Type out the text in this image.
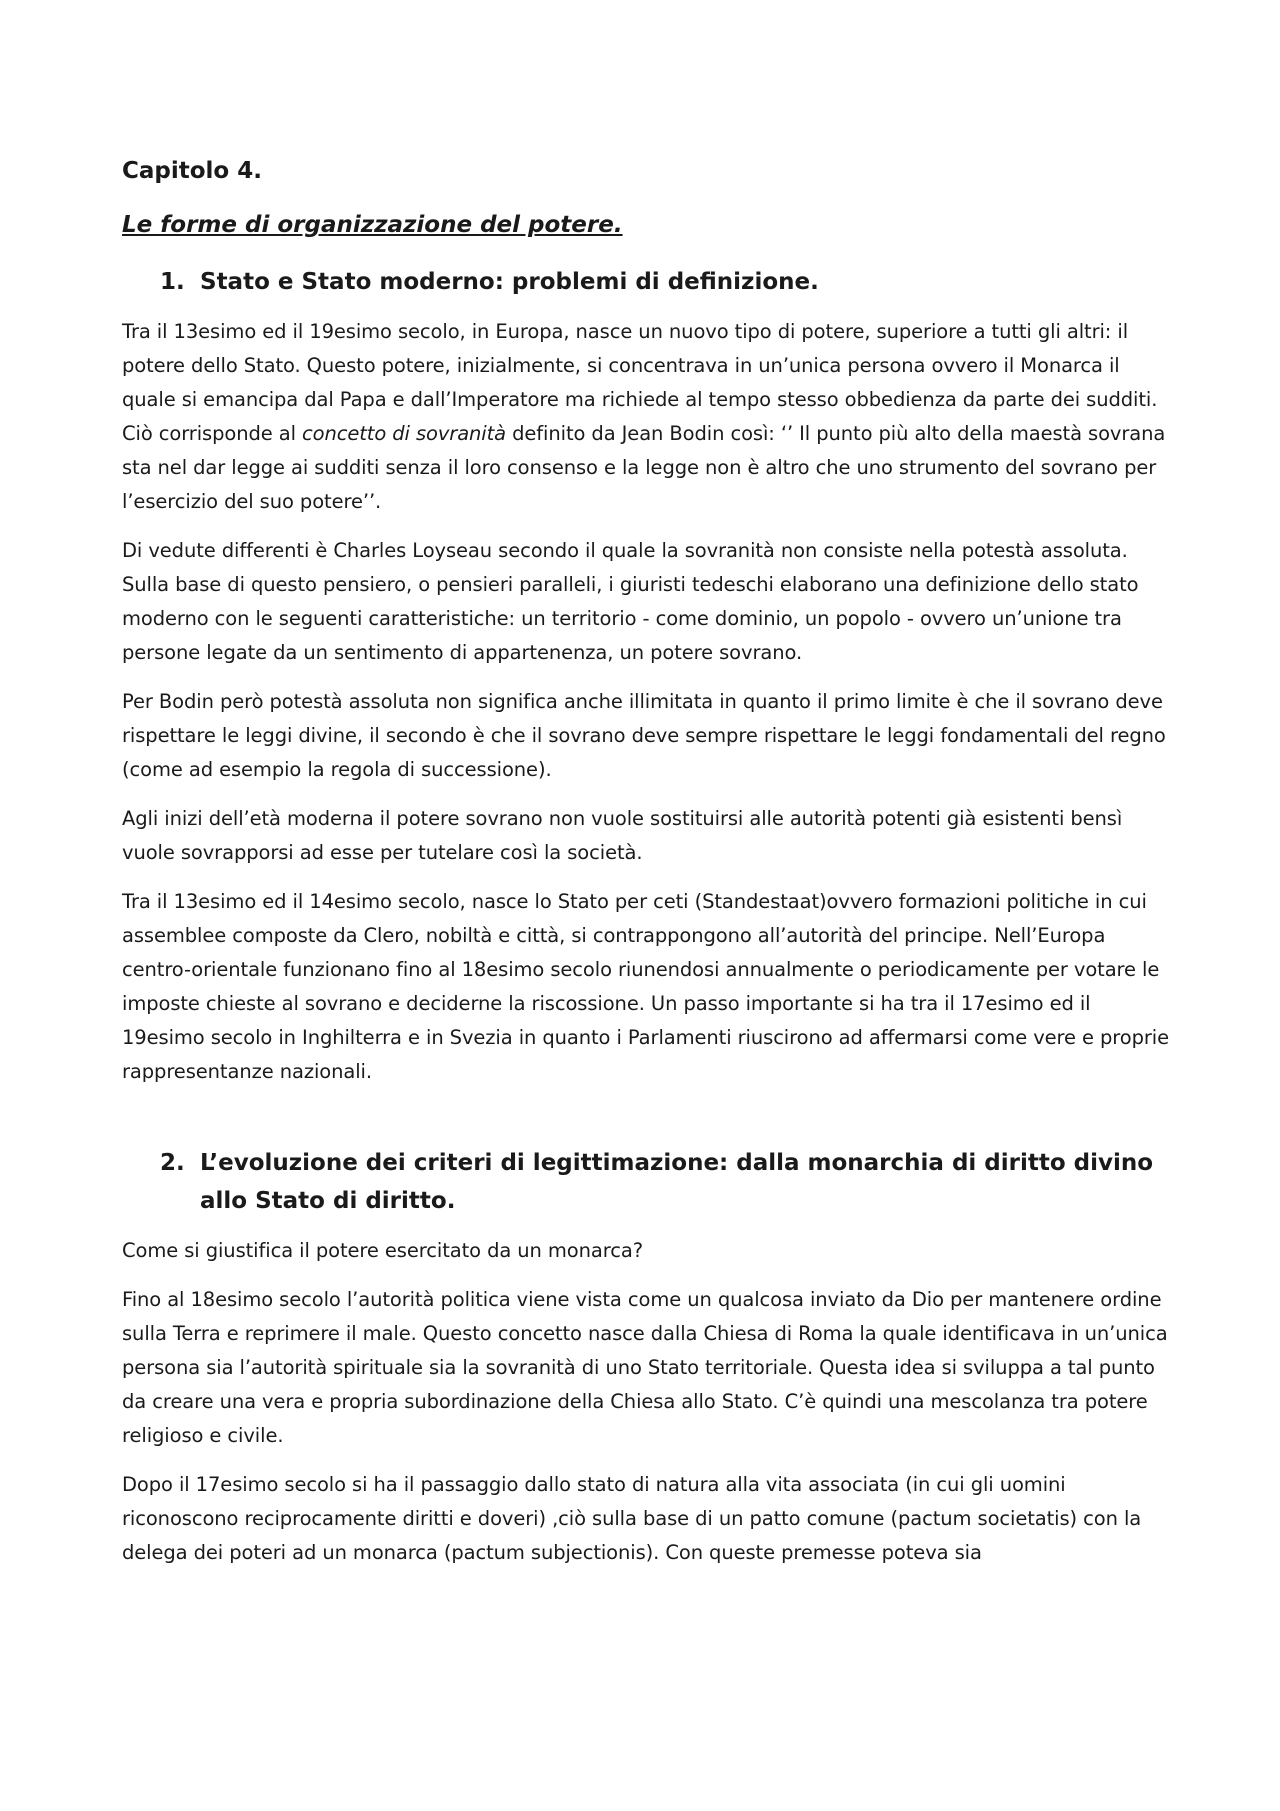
Capitolo 4.
Le forme di organizzazione del potere.
1. Stato e Stato moderno: problemi di definizione.

Tra il 13esimo ed il 19esimo secolo, in Europa, nasce un nuovo tipo di potere, superiore a tutti gli altri: il potere dello Stato. Questo potere, inizialmente, si concentrava in un’unica persona ovvero il Monarca il quale si emancipa dal Papa e dall’Imperatore ma richiede al tempo stesso obbedienza da parte dei sudditi. Ciò corrisponde al concetto di sovranità definito da Jean Bodin così: ‘’ Il punto più alto della maestà sovrana sta nel dar legge ai sudditi senza il loro consenso e la legge non è altro che uno strumento del sovrano per l’esercizio del suo potere’’.

Di vedute differenti è Charles Loyseau secondo il quale la sovranità non consiste nella potestà assoluta. Sulla base di questo pensiero, o pensieri paralleli, i giuristi tedeschi elaborano una definizione dello stato moderno con le seguenti caratteristiche: un territorio - come dominio, un popolo - ovvero un’unione tra persone legate da un sentimento di appartenenza, un potere sovrano.

Per Bodin però potestà assoluta non significa anche illimitata in quanto il primo limite è che il sovrano deve rispettare le leggi divine, il secondo è che il sovrano deve sempre rispettare le leggi fondamentali del regno (come ad esempio la regola di successione).

Agli inizi dell’età moderna il potere sovrano non vuole sostituirsi alle autorità potenti già esistenti bensì vuole sovrapporsi ad esse per tutelare così la società.

Tra il 13esimo ed il 14esimo secolo, nasce lo Stato per ceti (Standestaat)ovvero formazioni politiche in cui assemblee composte da Clero, nobiltà e città, si contrappongono all’autorità del principe. Nell’Europa centro-orientale funzionano fino al 18esimo secolo riunendosi annualmente o periodicamente per votare le imposte chieste al sovrano e deciderne la riscossione. Un passo importante si ha tra il 17esimo ed il 19esimo secolo in Inghilterra e in Svezia in quanto i Parlamenti riuscirono ad affermarsi come vere e proprie rappresentanze nazionali.

2. L’evoluzione dei criteri di legittimazione: dalla monarchia di diritto divino allo Stato di diritto.

Come si giustifica il potere esercitato da un monarca?

Fino al 18esimo secolo l’autorità politica viene vista come un qualcosa inviato da Dio per mantenere ordine sulla Terra e reprimere il male. Questo concetto nasce dalla Chiesa di Roma la quale identificava in un’unica persona sia l’autorità spirituale sia la sovranità di uno Stato territoriale. Questa idea si sviluppa a tal punto da creare una vera e propria subordinazione della Chiesa allo Stato. C’è quindi una mescolanza tra potere religioso e civile.

Dopo il 17esimo secolo si ha il passaggio dallo stato di natura alla vita associata (in cui gli uomini riconoscono reciprocamente diritti e doveri) ,ciò sulla base di un patto comune (pactum societatis) con la delega dei poteri ad un monarca (pactum subjectionis). Con queste premesse poteva sia
